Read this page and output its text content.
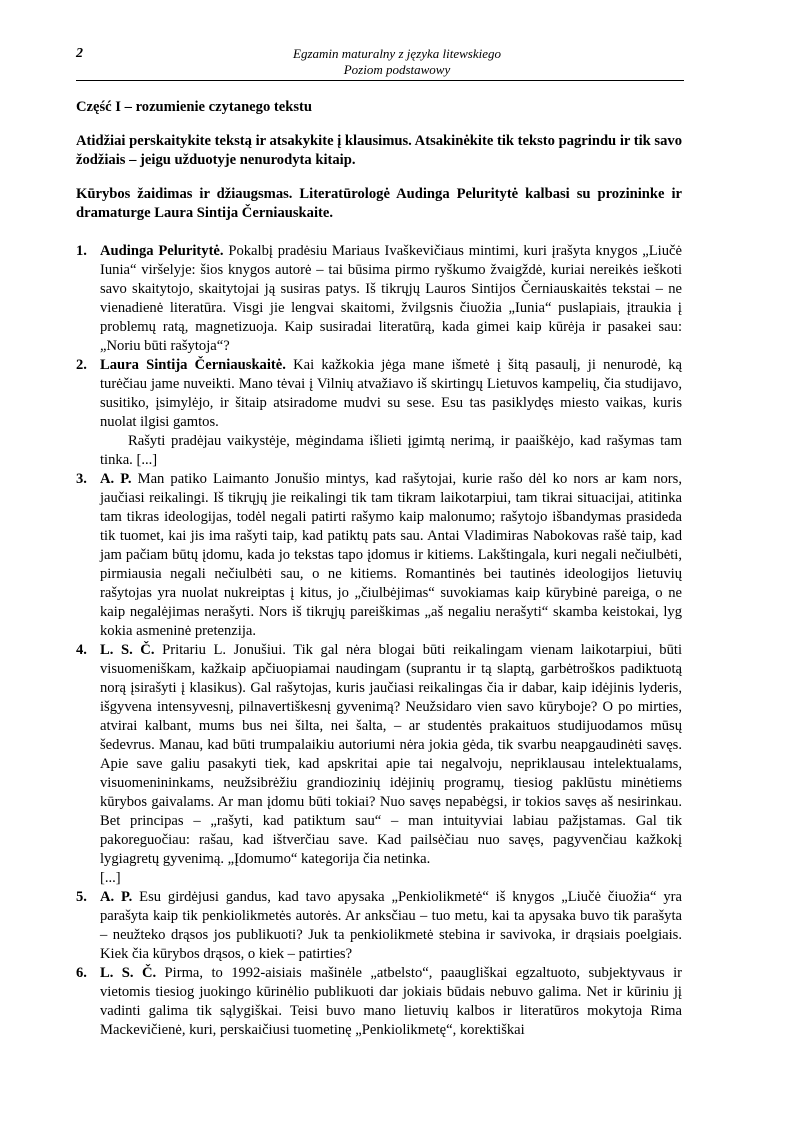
2	Egzamin maturalny z języka litewskiego
Poziom podstawowy
Część I – rozumienie czytanego tekstu
Atidžiai perskaitykite tekstą ir atsakykite į klausimus. Atsakinėkite tik teksto pagrindu ir tik savo žodžiais – jeigu užduotyje nenurodyta kitaip.
Kūrybos žaidimas ir džiaugsmas. Literatūrologė Audinga Peluritytė kalbasi su prozininke ir dramaturge Laura Sintija Černiauskaite.
1. Audinga Peluritytė. Pokalbį pradėsiu Mariaus Ivaškevičiaus mintimi, kuri įrašyta knygos „Liučė Iunia“ viršelyje: šios knygos autorė – tai būsima pirmo ryškumo žvaigždė, kuriai nereikės ieškoti savo skaitytojo, skaitytojai ją susiras patys. Iš tikrųjų Lauros Sintijos Černiauskaitės tekstai – ne vienadienė literatūra. Visgi jie lengvai skaitomi, žvilgsnis čiuožia „Iunia“ puslapiais, įtraukia į problemų ratą, magnetizuoja. Kaip susiradai literatūrą, kada gimei kaip kūrėja ir pasakei sau: „Noriu būti rašytoja“?

2. Laura Sintija Černiauskaitė. Kai kažkokia jėga mane išmetė į šitą pasaulį, ji nenurodė, ką turėčiau jame nuveikti. Mano tėvai į Vilnių atvažiavo iš skirtingų Lietuvos kampelių, čia studijavo, susitiko, įsimylėjo, ir šitaip atsiradome mudvi su sese. Esu tas pasiklydęs miesto vaikas, kuris nuolat ilgisi gamtos.

Rašyti pradėjau vaikystėje, mėgindama išlieti įgimtą nerimą, ir paaiškėjo, kad rašymas tam tinka. [...]

3. A. P. Man patiko Laimanto Jonušio mintys, kad rašytojai, kurie rašo dėl ko nors ar kam nors, jaučiasi reikalingi. Iš tikrųjų jie reikalingi tik tam tikram laikotarpiui, tam tikrai situacijai, atitinka tam tikras ideologijas, todėl negali patirti rašymo kaip malonumo; rašytojo išbandymas prasideda tik tuomet, kai jis ima rašyti taip, kad patiktų pats sau. Antai Vladimiras Nabokovas rašė taip, kad jam pačiam būtų įdomu, kada jo tekstas tapo įdomus ir kitiems. Lakštingala, kuri negali nečiulbėti, pirmiausia negali nečiulbėti sau, o ne kitiems. Romantinės bei tautinės ideologijos lietuvių rašytojas yra nuolat nukreiptas į kitus, jo „čiulbėjimas“ suvokiamas kaip kūrybinė pareiga, o ne kaip negalėjimas nerašyti. Nors iš tikrųjų pareiškimas „aš negaliu nerašyti“ skamba keistokai, lyg kokia asmeninė pretenzija.

4. L. S. Č. Pritariu L. Jonušiui. Tik gal nėra blogai būti reikalingam vienam laikotarpiui, būti visuomeniškam, kažkaip apčiuopiamai naudingam (suprantu ir tą slaptą, garbėtroškos padiktuotą norą įsirašyti į klasikus). Gal rašytojas, kuris jaučiasi reikalingas čia ir dabar, kaip idėjinis lyderis, išgyvena intensyvesnį, pilnavertiškesnį gyvenimą? Neužsidaro vien savo kūryboje? O po mirties, atvirai kalbant, mums bus nei šilta, nei šalta, – ar studentės prakaituos studijuodamos mūsų šedevrus. Manau, kad būti trumpalaikiu autoriumi nėra jokia gėda, tik svarbu neapgaudinėti savęs. Apie save galiu pasakyti tiek, kad apskritai apie tai negalvoju, nepriklausau intelektualams, visuomenininkams, neužsibrėžiu grandiozinių idėjinių programų, tiesiog paklūstu minėtiems kūrybos gaivalams. Ar man įdomu būti tokiai? Nuo savęs nepabėgsi, ir tokios savęs aš nesirinkau. Bet principas – „rašyti, kad patiktum sau“ – man intuityviai labiau pažįstamas. Gal tik pakoreguočiau: rašau, kad ištverčiau save. Kad pailsėčiau nuo savęs, pagyvenčiau kažkokį lygiagretų gyvenimą. „Įdomumo“ kategorija čia netinka.

[...]

5. A. P. Esu girdėjusi gandus, kad tavo apysaka „Penkiolikmetė“ iš knygos „Liučė čiuožia“ yra parašyta kaip tik penkiolikmetės autorės. Ar anksčiau – tuo metu, kai ta apysaka buvo tik parašyta – neužteko drąsos jos publikuoti? Juk ta penkiolikmetė stebina ir savivoka, ir drąsiais poelgiais. Kiek čia kūrybos drąsos, o kiek – patirties?

6. L. S. Č. Pirma, to 1992-aisiais mašinėle „atbelsto“, paaugliškai egzaltuoto, subjektyvaus ir vietomis tiesiog juokingo kūrinėlio publikuoti dar jokiais būdais nebuvo galima. Net ir kūriniu jį vadinti galima tik sąlygiškai. Teisi buvo mano lietuvių kalbos ir literatūros mokytoja Rima Mackevičienė, kuri, perskaičiusi tuometinę „Penkiolikmetę“, korektiškai
